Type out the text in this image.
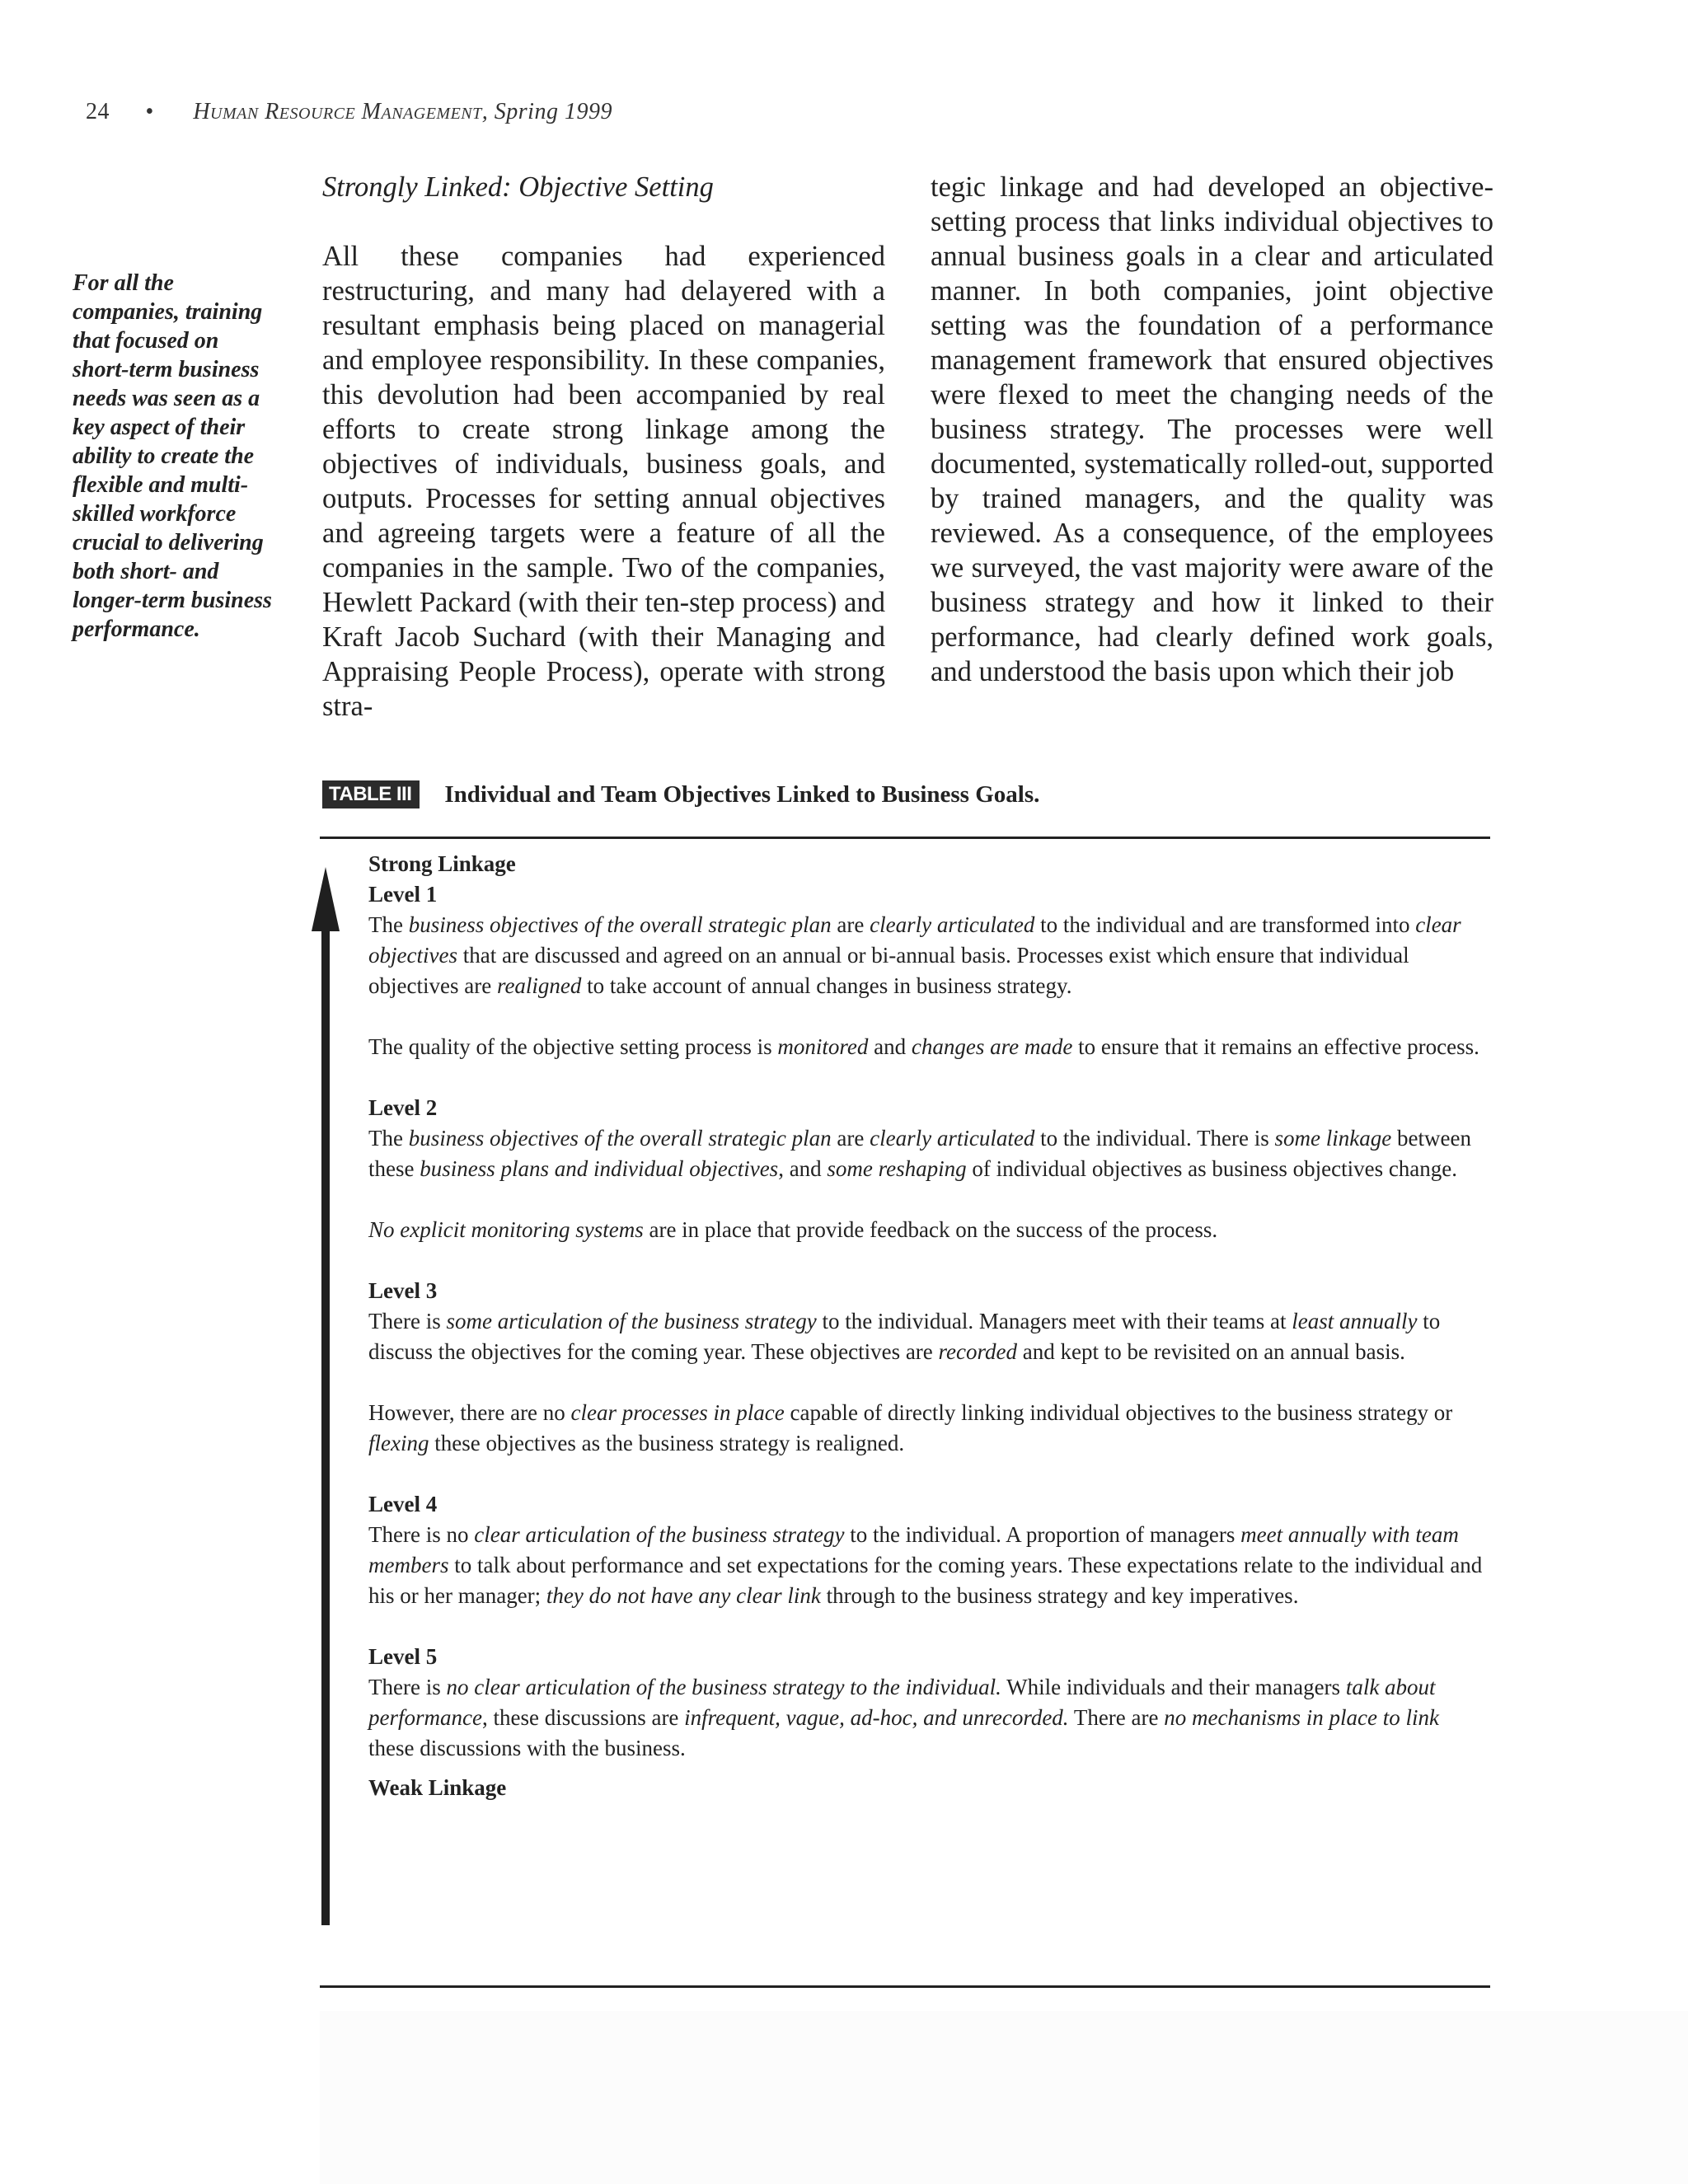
24 • Human Resource Management, Spring 1999
For all the companies, training that focused on short-term business needs was seen as a key aspect of their ability to create the flexible and multi-skilled workforce crucial to delivering both short- and longer-term business performance.

Strongly Linked: Objective Setting

All these companies had experienced restructuring, and many had delayered with a resultant emphasis being placed on managerial and employee responsibility. In these companies, this devolution had been accompanied by real efforts to create strong linkage among the objectives of individuals, business goals, and outputs. Processes for setting annual objectives and agreeing targets were a feature of all the companies in the sample. Two of the companies, Hewlett Packard (with their ten-step process) and Kraft Jacob Suchard (with their Managing and Appraising People Process), operate with strong stra-

tegic linkage and had developed an objective-setting process that links individual objectives to annual business goals in a clear and articulated manner. In both companies, joint objective setting was the foundation of a performance management framework that ensured objectives were flexed to meet the changing needs of the business strategy. The processes were well documented, systematically rolled-out, supported by trained managers, and the quality was reviewed. As a consequence, of the employees we surveyed, the vast majority were aware of the business strategy and how it linked to their performance, had clearly defined work goals, and understood the basis upon which their job

TABLE III	Individual and Team Objectives Linked to Business Goals.

Strong Linkage

Level 1

The business objectives of the overall strategic plan are clearly articulated to the individual and are transformed into clear objectives that are discussed and agreed on an annual or bi-annual basis. Processes exist which ensure that individual objectives are realigned to take account of annual changes in business strategy.

The quality of the objective setting process is monitored and changes are made to ensure that it remains an effective process.

Level 2

The business objectives of the overall strategic plan are clearly articulated to the individual. There is some linkage between these business plans and individual objectives, and some reshaping of individual objectives as business objectives change.

No explicit monitoring systems are in place that provide feedback on the success of the process.

Level 3

There is some articulation of the business strategy to the individual. Managers meet with their teams at least annually to discuss the objectives for the coming year. These objectives are recorded and kept to be revisited on an annual basis.

However, there are no clear processes in place capable of directly linking individual objectives to the business strategy or flexing these objectives as the business strategy is realigned.

Level 4

There is no clear articulation of the business strategy to the individual. A proportion of managers meet annually with team members to talk about performance and set expectations for the coming years. These expectations relate to the individual and his or her manager; they do not have any clear link through to the business strategy and key imperatives.

Level 5

There is no clear articulation of the business strategy to the individual. While individuals and their managers talk about performance, these discussions are infrequent, vague, ad-hoc, and unrecorded. There are no mechanisms in place to link these discussions with the business.

Weak Linkage
